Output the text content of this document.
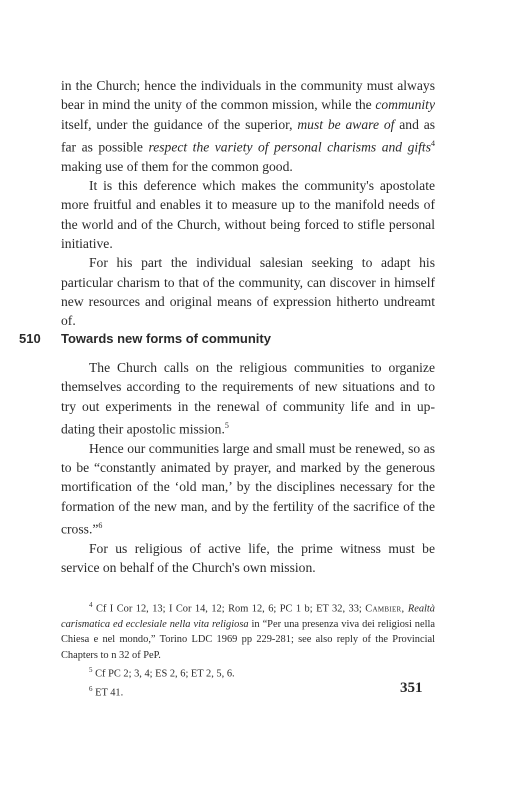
in the Church; hence the individuals in the community must always bear in mind the unity of the common mission, while the community itself, under the guidance of the superior, must be aware of and as far as possible respect the variety of personal charisms and gifts$^4$ making use of them for the common good.

It is this deference which makes the community's apostolate more fruitful and enables it to measure up to the manifold needs of the world and of the Church, without being forced to stifle personal initiative.

For his part the individual salesian seeking to adapt his particular charism to that of the community, can discover in himself new resources and original means of expression hitherto undreamt of.

510 Towards new forms of community

The Church calls on the religious communities to organize themselves according to the requirements of new situations and to try out experiments in the renewal of community life and in up-dating their apostolic mission.$^5$

Hence our communities large and small must be renewed, so as to be “constantly animated by prayer, and marked by the generous mortification of the ‘old man,’ by the disciplines necessary for the formation of the new man, and by the fertility of the sacrifice of the cross.”$^6$

For us religious of active life, the prime witness must be service on behalf of the Church's own mission.

$^4$ Cf I Cor 12, 13; I Cor 14, 12; Rom 12, 6; PC 1 b; ET 32, 33; Cambier, Realtà carismatica ed ecclesiale nella vita religiosa in “Per una presenza viva dei religiosi nella Chiesa e nel mondo,” Torino LDC 1969 pp 229-281; see also reply of the Provincial Chapters to n 32 of PeP.

$^5$ Cf PC 2; 3, 4; ES 2, 6; ET 2, 5, 6.

$^6$ ET 41.	351
